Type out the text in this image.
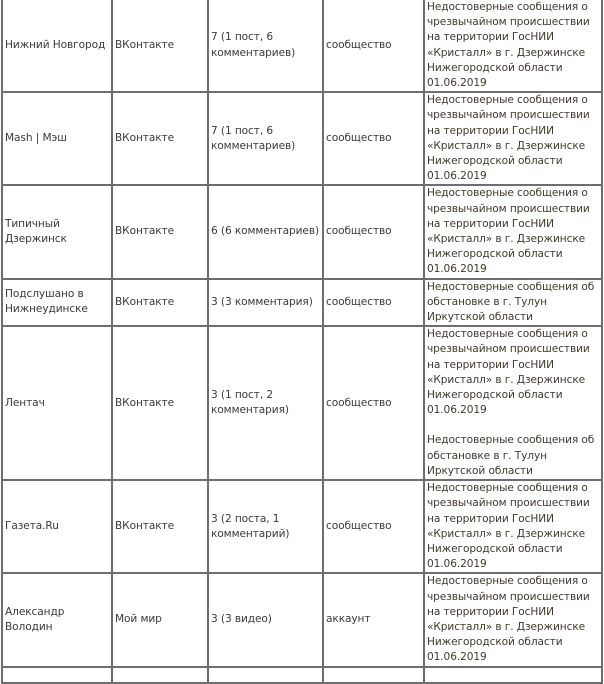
Нижний Новгород	ВКонтакте	7 (1 пост, 6 комментариев)	сообщество	Недостоверные сообщения о чрезвычайном происшествии на территории ГосНИИ «Кристалл» в г. Дзержинске Нижегородской области 01.06.2019

Mash | Мэш	ВКонтакте	7 (1 пост, 6 комментариев)	сообщество	Недостоверные сообщения о чрезвычайном происшествии на территории ГосНИИ «Кристалл» в г. Дзержинске Нижегородской области 01.06.2019

Типичный Дзержинск	ВКонтакте	6 (6 комментариев)	сообщество	Недостоверные сообщения о чрезвычайном происшествии на территории ГосНИИ «Кристалл» в г. Дзержинске Нижегородской области 01.06.2019

Подслушано в Нижнеудинске	ВКонтакте	3 (3 комментария)	сообщество	Недостоверные сообщения об обстановке в г. Тулун Иркутской области

Лентач	ВКонтакте	3 (1 пост, 2 комментария)	сообщество	Недостоверные сообщения о чрезвычайном происшествии на территории ГосНИИ «Кристалл» в г. Дзержинске Нижегородской области 01.06.2019
Недостоверные сообщения об обстановке в г. Тулун Иркутской области

Газета.Ru	ВКонтакте	3 (2 поста, 1 комментарий)	сообщество	Недостоверные сообщения о чрезвычайном происшествии на территории ГосНИИ «Кристалл» в г. Дзержинске Нижегородской области 01.06.2019

Александр Володин	Мой мир	3 (3 видео)	аккаунт	Недостоверные сообщения о чрезвычайном происшествии на территории ГосНИИ «Кристалл» в г. Дзержинске Нижегородской области 01.06.2019
